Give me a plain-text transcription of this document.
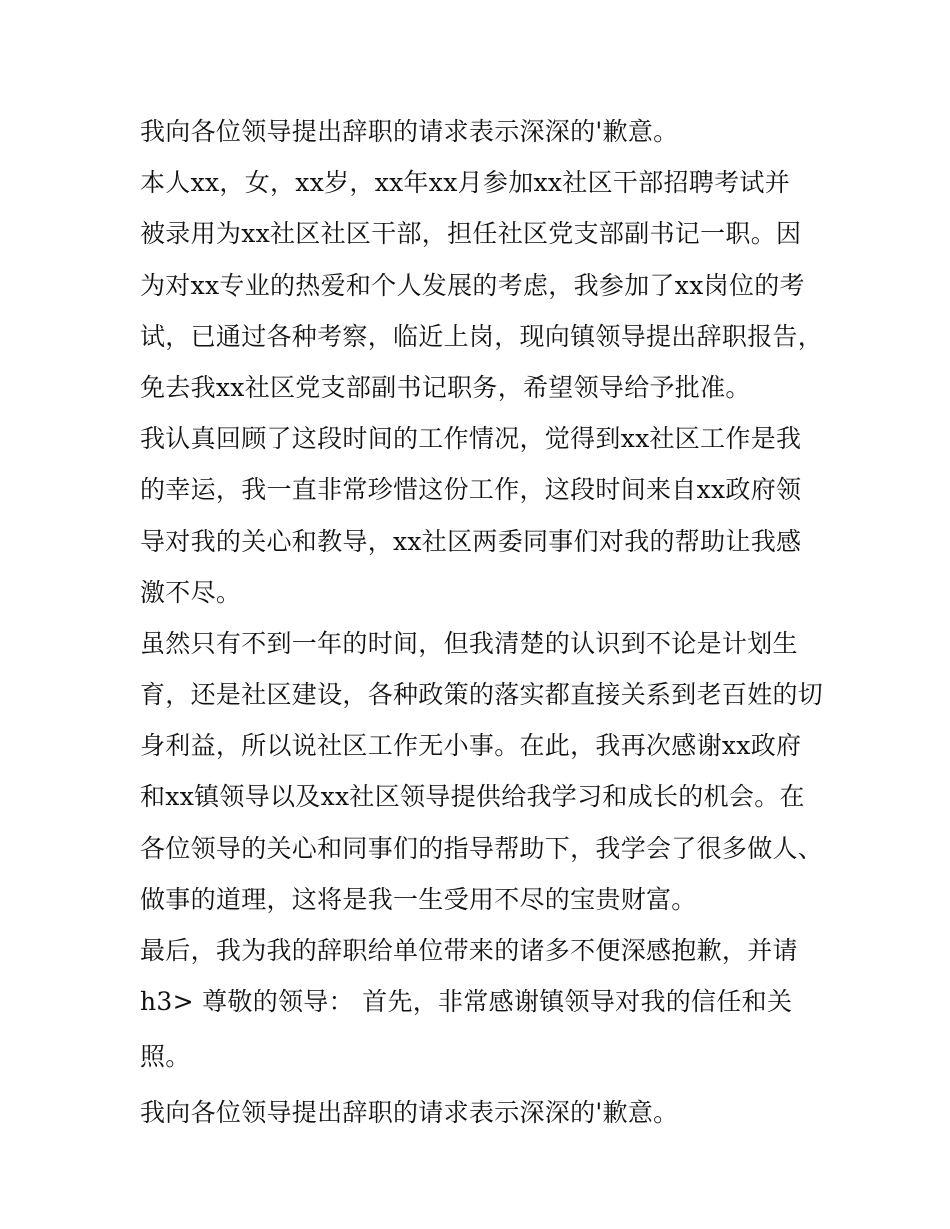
我向各位领导提出辞职的请求表示深深的'歉意。
本人xx，女，xx岁，xx年xx月参加xx社区干部招聘考试并
被录用为xx社区社区干部，担任社区党支部副书记一职。因
为对xx专业的热爱和个人发展的考虑，我参加了xx岗位的考
试，已通过各种考察，临近上岗，现向镇领导提出辞职报告，
免去我xx社区党支部副书记职务，希望领导给予批准。
我认真回顾了这段时间的工作情况，觉得到xx社区工作是我
的幸运，我一直非常珍惜这份工作，这段时间来自xx政府领
导对我的关心和教导，xx社区两委同事们对我的帮助让我感
激不尽。
虽然只有不到一年的时间，但我清楚的认识到不论是计划生
育，还是社区建设，各种政策的落实都直接关系到老百姓的切
身利益，所以说社区工作无小事。在此，我再次感谢xx政府
和xx镇领导以及xx社区领导提供给我学习和成长的机会。在
各位领导的关心和同事们的指导帮助下，我学会了很多做人、
做事的道理，这将是我一生受用不尽的宝贵财富。
最后，我为我的辞职给单位带来的诸多不便深感抱歉，并请
h3> 尊敬的领导： 首先，非常感谢镇领导对我的信任和关
照。
我向各位领导提出辞职的请求表示深深的'歉意。
